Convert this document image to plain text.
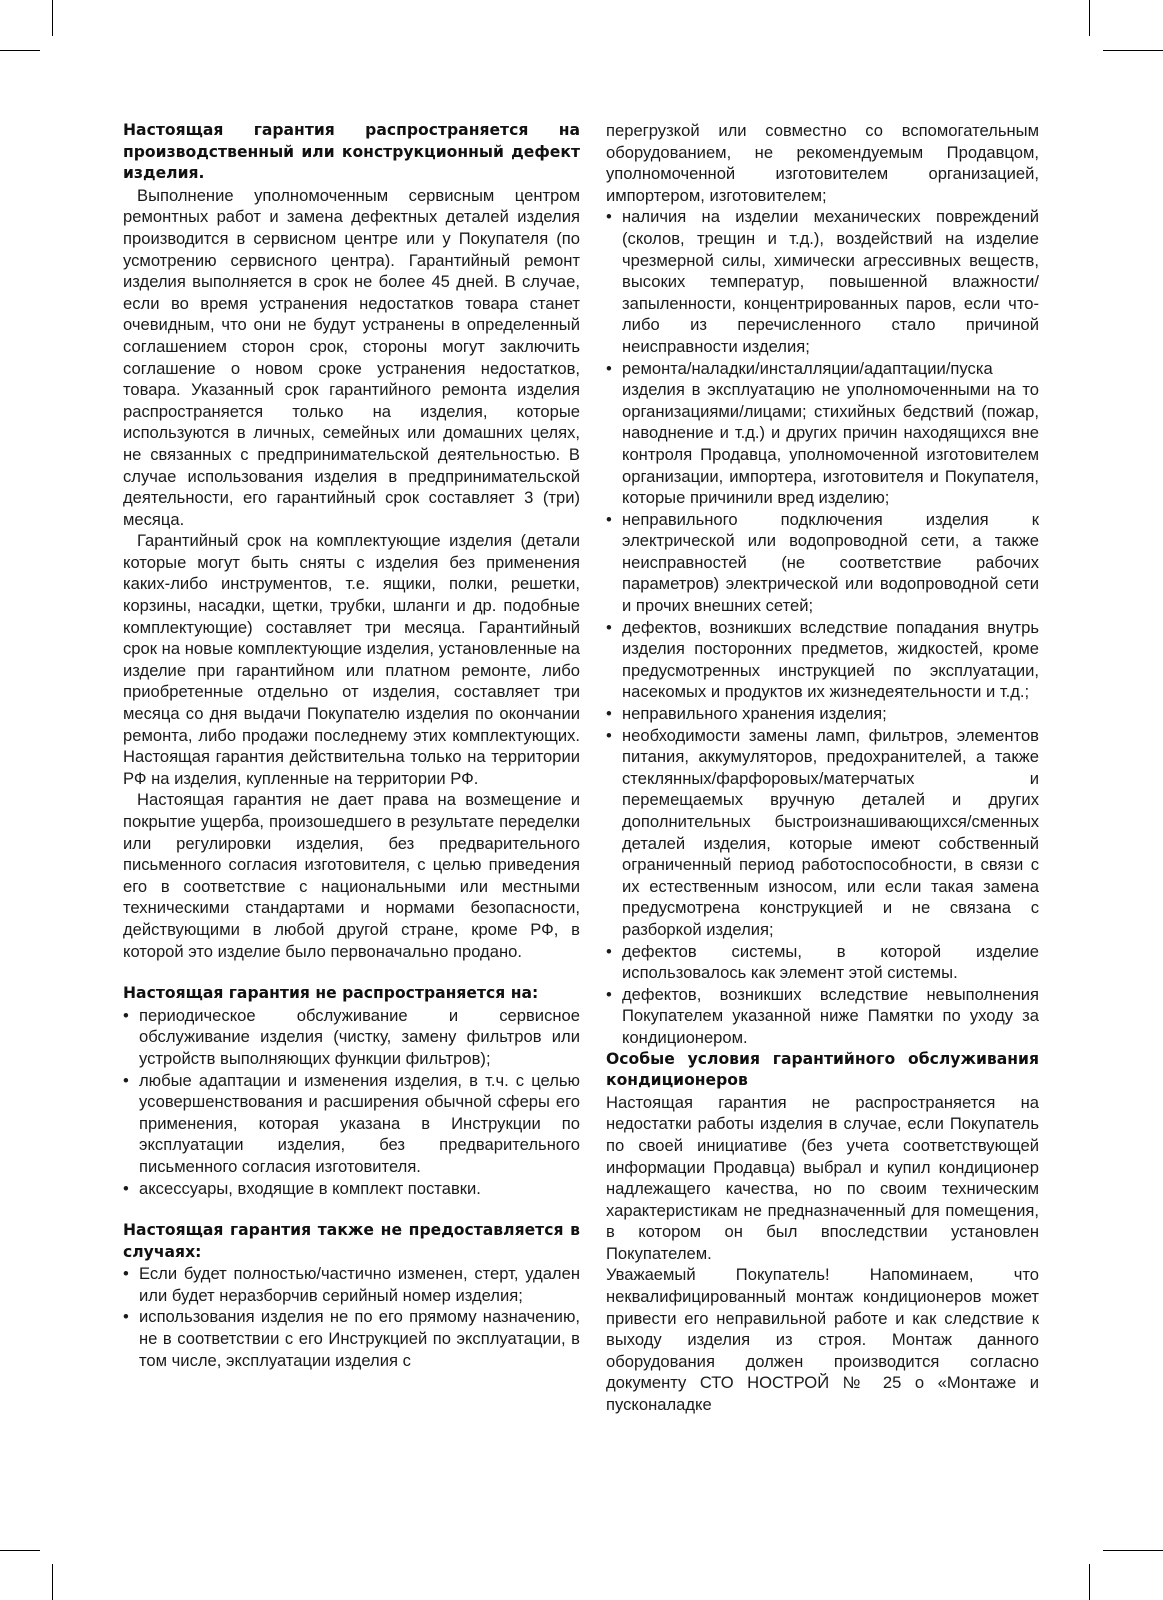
Настоящая гарантия распространяется на производственный или конструкционный дефект изделия.

Выполнение уполномоченным сервисным центром ремонтных работ и замена дефектных деталей изделия производится в сервисном центре или у Покупателя (по усмотрению сервисного центра). Гарантийный ремонт изделия выполняется в срок не более 45 дней. В случае, если во время устранения недостатков товара станет очевидным, что они не будут устранены в определенный соглашением сторон срок, стороны могут заключить соглашение о новом сроке устранения недостатков, товара. Указанный срок гарантийного ремонта изделия распространяется только на изделия, которые используются в личных, семейных или домашних целях, не связанных с предпринимательской деятельностью. В случае использования изделия в предпринимательской деятельности, его гарантийный срок составляет 3 (три) месяца.

Гарантийный срок на комплектующие изделия (детали которые могут быть сняты с изделия без применения каких-либо инструментов, т.е. ящики, полки, решетки, корзины, насадки, щетки, трубки, шланги и др. подобные комплектующие) составляет три месяца. Гарантийный срок на новые комплектующие изделия, установленные на изделие при гарантийном или платном ремонте, либо приобретенные отдельно от изделия, составляет три месяца со дня выдачи Покупателю изделия по окончании ремонта, либо продажи последнему этих комплектующих. Настоящая гарантия действительна только на территории РФ на изделия, купленные на территории РФ.

Настоящая гарантия не дает права на возмещение и покрытие ущерба, произошедшего в результате переделки или регулировки изделия, без предварительного письменного согласия изготовителя, с целью приведения его в соответствие с национальными или местными техническими стандартами и нормами безопасности, действующими в любой другой стране, кроме РФ, в которой это изделие было первоначально продано.

Настоящая гарантия не распространяется на:
• периодическое обслуживание и сервисное обслуживание изделия (чистку, замену фильтров или устройств выполняющих функции фильтров);
• любые адаптации и изменения изделия, в т.ч. с целью усовершенствования и расширения обычной сферы его применения, которая указана в Инструкции по эксплуатации изделия, без предварительного письменного согласия изготовителя.
• аксессуары, входящие в комплект поставки.
Настоящая гарантия также не предоставляется в случаях:
• Если будет полностью/частично изменен, стерт, удален или будет неразборчив серийный номер изделия;
• использования изделия не по его прямому назначению, не в соответствии с его Инструкцией по эксплуатации, в том числе, эксплуатации изделия с

перегрузкой или совместно со вспомогательным оборудованием, не рекомендуемым Продавцом, уполномоченной изготовителем организацией, импортером, изготовителем;

• наличия на изделии механических повреждений (сколов, трещин и т.д.), воздействий на изделие чрезмерной силы, химически агрессивных веществ, высоких температур, повышенной влажности/запыленности, концентрированных паров, если что-либо из перечисленного стало причиной неисправности изделия;
• ремонта/наладки/инсталляции/адаптации/пуска изделия в эксплуатацию не уполномоченными на то организациями/лицами; стихийных бедствий (пожар, наводнение и т.д.) и других причин находящихся вне контроля Продавца, уполномоченной изготовителем организации, импортера, изготовителя и Покупателя, которые причинили вред изделию;
• неправильного подключения изделия к электрической или водопроводной сети, а также неисправностей (не соответствие рабочих параметров) электрической или водопроводной сети и прочих внешних сетей;
• дефектов, возникших вследствие попадания внутрь изделия посторонних предметов, жидкостей, кроме предусмотренных инструкцией по эксплуатации, насекомых и продуктов их жизнедеятельности и т.д.;
• неправильного хранения изделия;
• необходимости замены ламп, фильтров, элементов питания, аккумуляторов, предохранителей, а также стеклянных/фарфоровых/матерчатых и перемещаемых вручную деталей и других дополнительных быстроизнашивающихся/сменных деталей изделия, которые имеют собственный ограниченный период работоспособности, в связи с их естественным износом, или если такая замена предусмотрена конструкцией и не связана с разборкой изделия;
• дефектов системы, в которой изделие использовалось как элемент этой системы.
• дефектов, возникших вследствие невыполнения Покупателем указанной ниже Памятки по уходу за кондиционером.
Особые условия гарантийного обслуживания кондиционеров

Настоящая гарантия не распространяется на недостатки работы изделия в случае, если Покупатель по своей инициативе (без учета соответствующей информации Продавца) выбрал и купил кондиционер надлежащего качества, но по своим техническим характеристикам не предназначенный для помещения, в котором он был впоследствии установлен Покупателем.

Уважаемый Покупатель! Напоминаем, что неквалифицированный монтаж кондиционеров может привести его неправильной работе и как следствие к выходу изделия из строя. Монтаж данного оборудования должен производится согласно документу СТО НОСТРОЙ № 25 о «Монтаже и пусконаладке
